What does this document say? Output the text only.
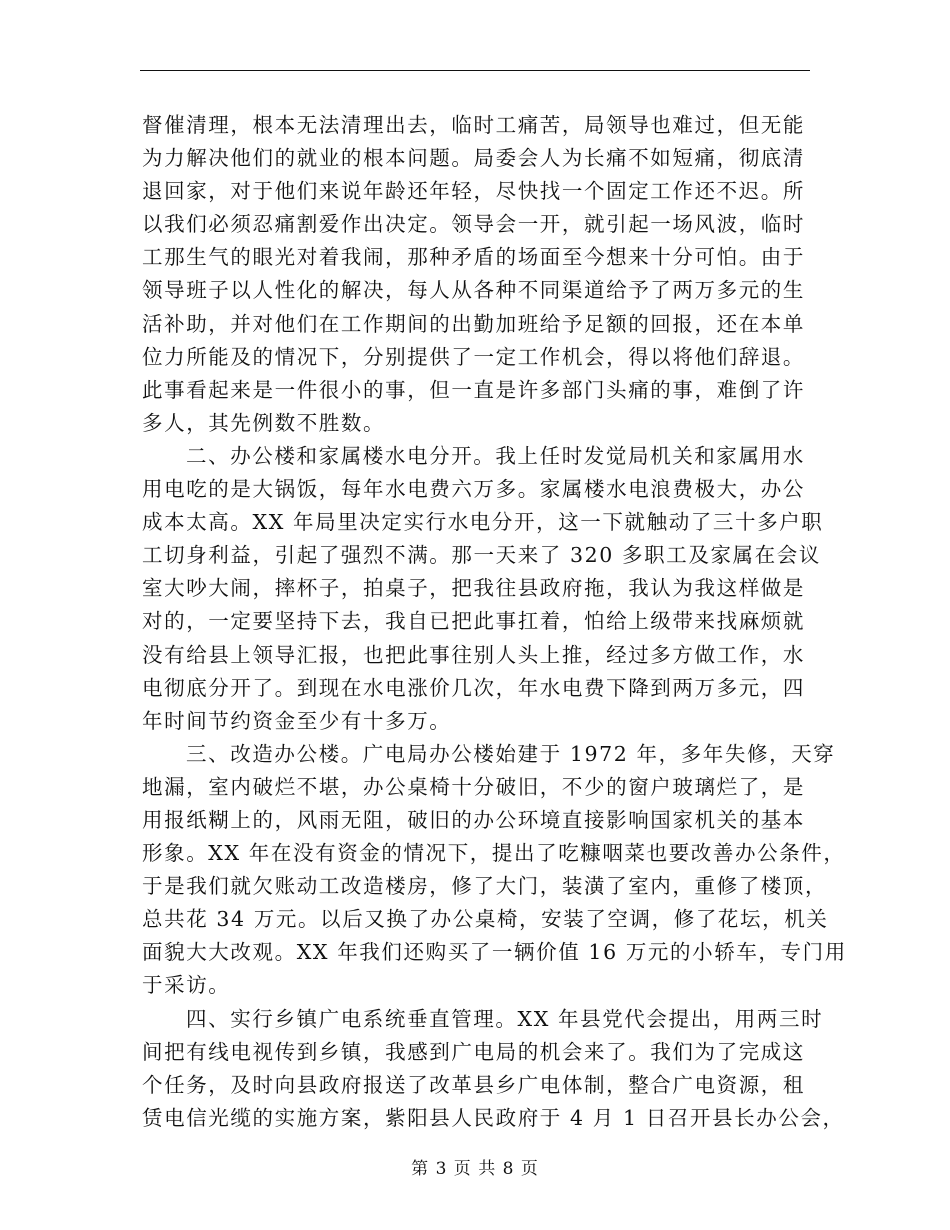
督催清理，根本无法清理出去，临时工痛苦，局领导也难过，但无能
为力解决他们的就业的根本问题。局委会人为长痛不如短痛，彻底清
退回家，对于他们来说年龄还年轻，尽快找一个固定工作还不迟。所
以我们必须忍痛割爱作出决定。领导会一开，就引起一场风波，临时
工那生气的眼光对着我闹，那种矛盾的场面至今想来十分可怕。由于
领导班子以人性化的解决，每人从各种不同渠道给予了两万多元的生
活补助，并对他们在工作期间的出勤加班给予足额的回报，还在本单
位力所能及的情况下，分别提供了一定工作机会，得以将他们辞退。
此事看起来是一件很小的事，但一直是许多部门头痛的事，难倒了许
多人，其先例数不胜数。
二、办公楼和家属楼水电分开。我上任时发觉局机关和家属用水
用电吃的是大锅饭，每年水电费六万多。家属楼水电浪费极大，办公
成本太高。XX 年局里决定实行水电分开，这一下就触动了三十多户职
工切身利益，引起了强烈不满。那一天来了 320 多职工及家属在会议
室大吵大闹，摔杯子，拍桌子，把我往县政府拖，我认为我这样做是
对的，一定要坚持下去，我自已把此事扛着，怕给上级带来找麻烦就
没有给县上领导汇报，也把此事往别人头上推，经过多方做工作，水
电彻底分开了。到现在水电涨价几次，年水电费下降到两万多元，四
年时间节约资金至少有十多万。
三、改造办公楼。广电局办公楼始建于 1972 年，多年失修，天穿
地漏，室内破烂不堪，办公桌椅十分破旧，不少的窗户玻璃烂了，是
用报纸糊上的，风雨无阻，破旧的办公环境直接影响国家机关的基本
形象。XX 年在没有资金的情况下，提出了吃糠咽菜也要改善办公条件，
于是我们就欠账动工改造楼房，修了大门，装潢了室内，重修了楼顶，
总共花 34 万元。以后又换了办公桌椅，安装了空调，修了花坛，机关
面貌大大改观。XX 年我们还购买了一辆价值 16 万元的小轿车，专门用
于采访。
四、实行乡镇广电系统垂直管理。XX 年县党代会提出，用两三时
间把有线电视传到乡镇，我感到广电局的机会来了。我们为了完成这
个任务，及时向县政府报送了改革县乡广电体制，整合广电资源，租
赁电信光缆的实施方案，紫阳县人民政府于 4 月 1 日召开县长办公会，
第 3 页 共 8 页
